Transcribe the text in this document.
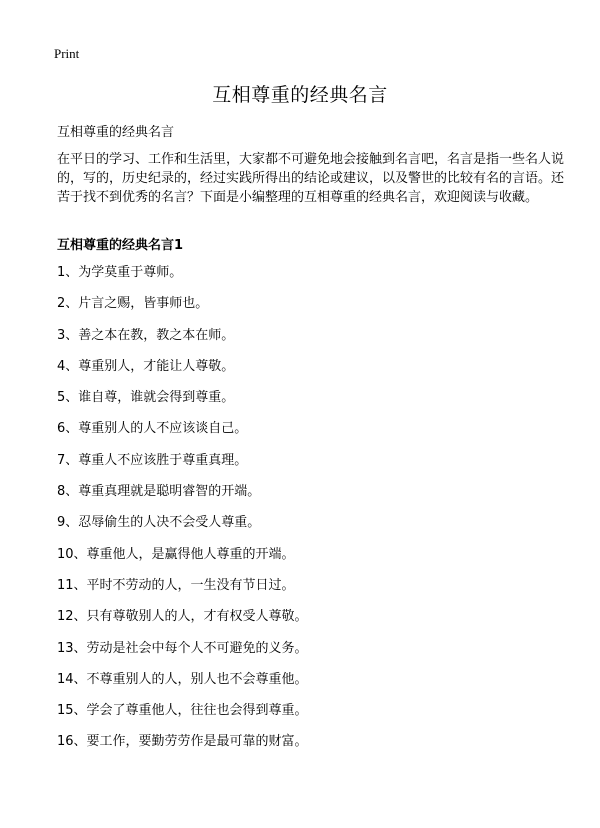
Print
互相尊重的经典名言
互相尊重的经典名言

在平日的学习、工作和生活里，大家都不可避免地会接触到名言吧，名言是指一些名人说的，写的，历史纪录的，经过实践所得出的结论或建议，以及警世的比较有名的言语。还苦于找不到优秀的名言？下面是小编整理的互相尊重的经典名言，欢迎阅读与收藏。

互相尊重的经典名言1
1、为学莫重于尊师。
2、片言之赐，皆事师也。
3、善之本在教，教之本在师。
4、尊重别人，才能让人尊敬。
5、谁自尊，谁就会得到尊重。
6、尊重别人的人不应该谈自己。
7、尊重人不应该胜于尊重真理。
8、尊重真理就是聪明睿智的开端。
9、忍辱偷生的人决不会受人尊重。
10、尊重他人，是赢得他人尊重的开端。
11、平时不劳动的人，一生没有节日过。
12、只有尊敬别人的人，才有权受人尊敬。
13、劳动是社会中每个人不可避免的义务。
14、不尊重别人的人，别人也不会尊重他。
15、学会了尊重他人，往往也会得到尊重。
16、要工作，要勤劳劳作是最可靠的财富。
